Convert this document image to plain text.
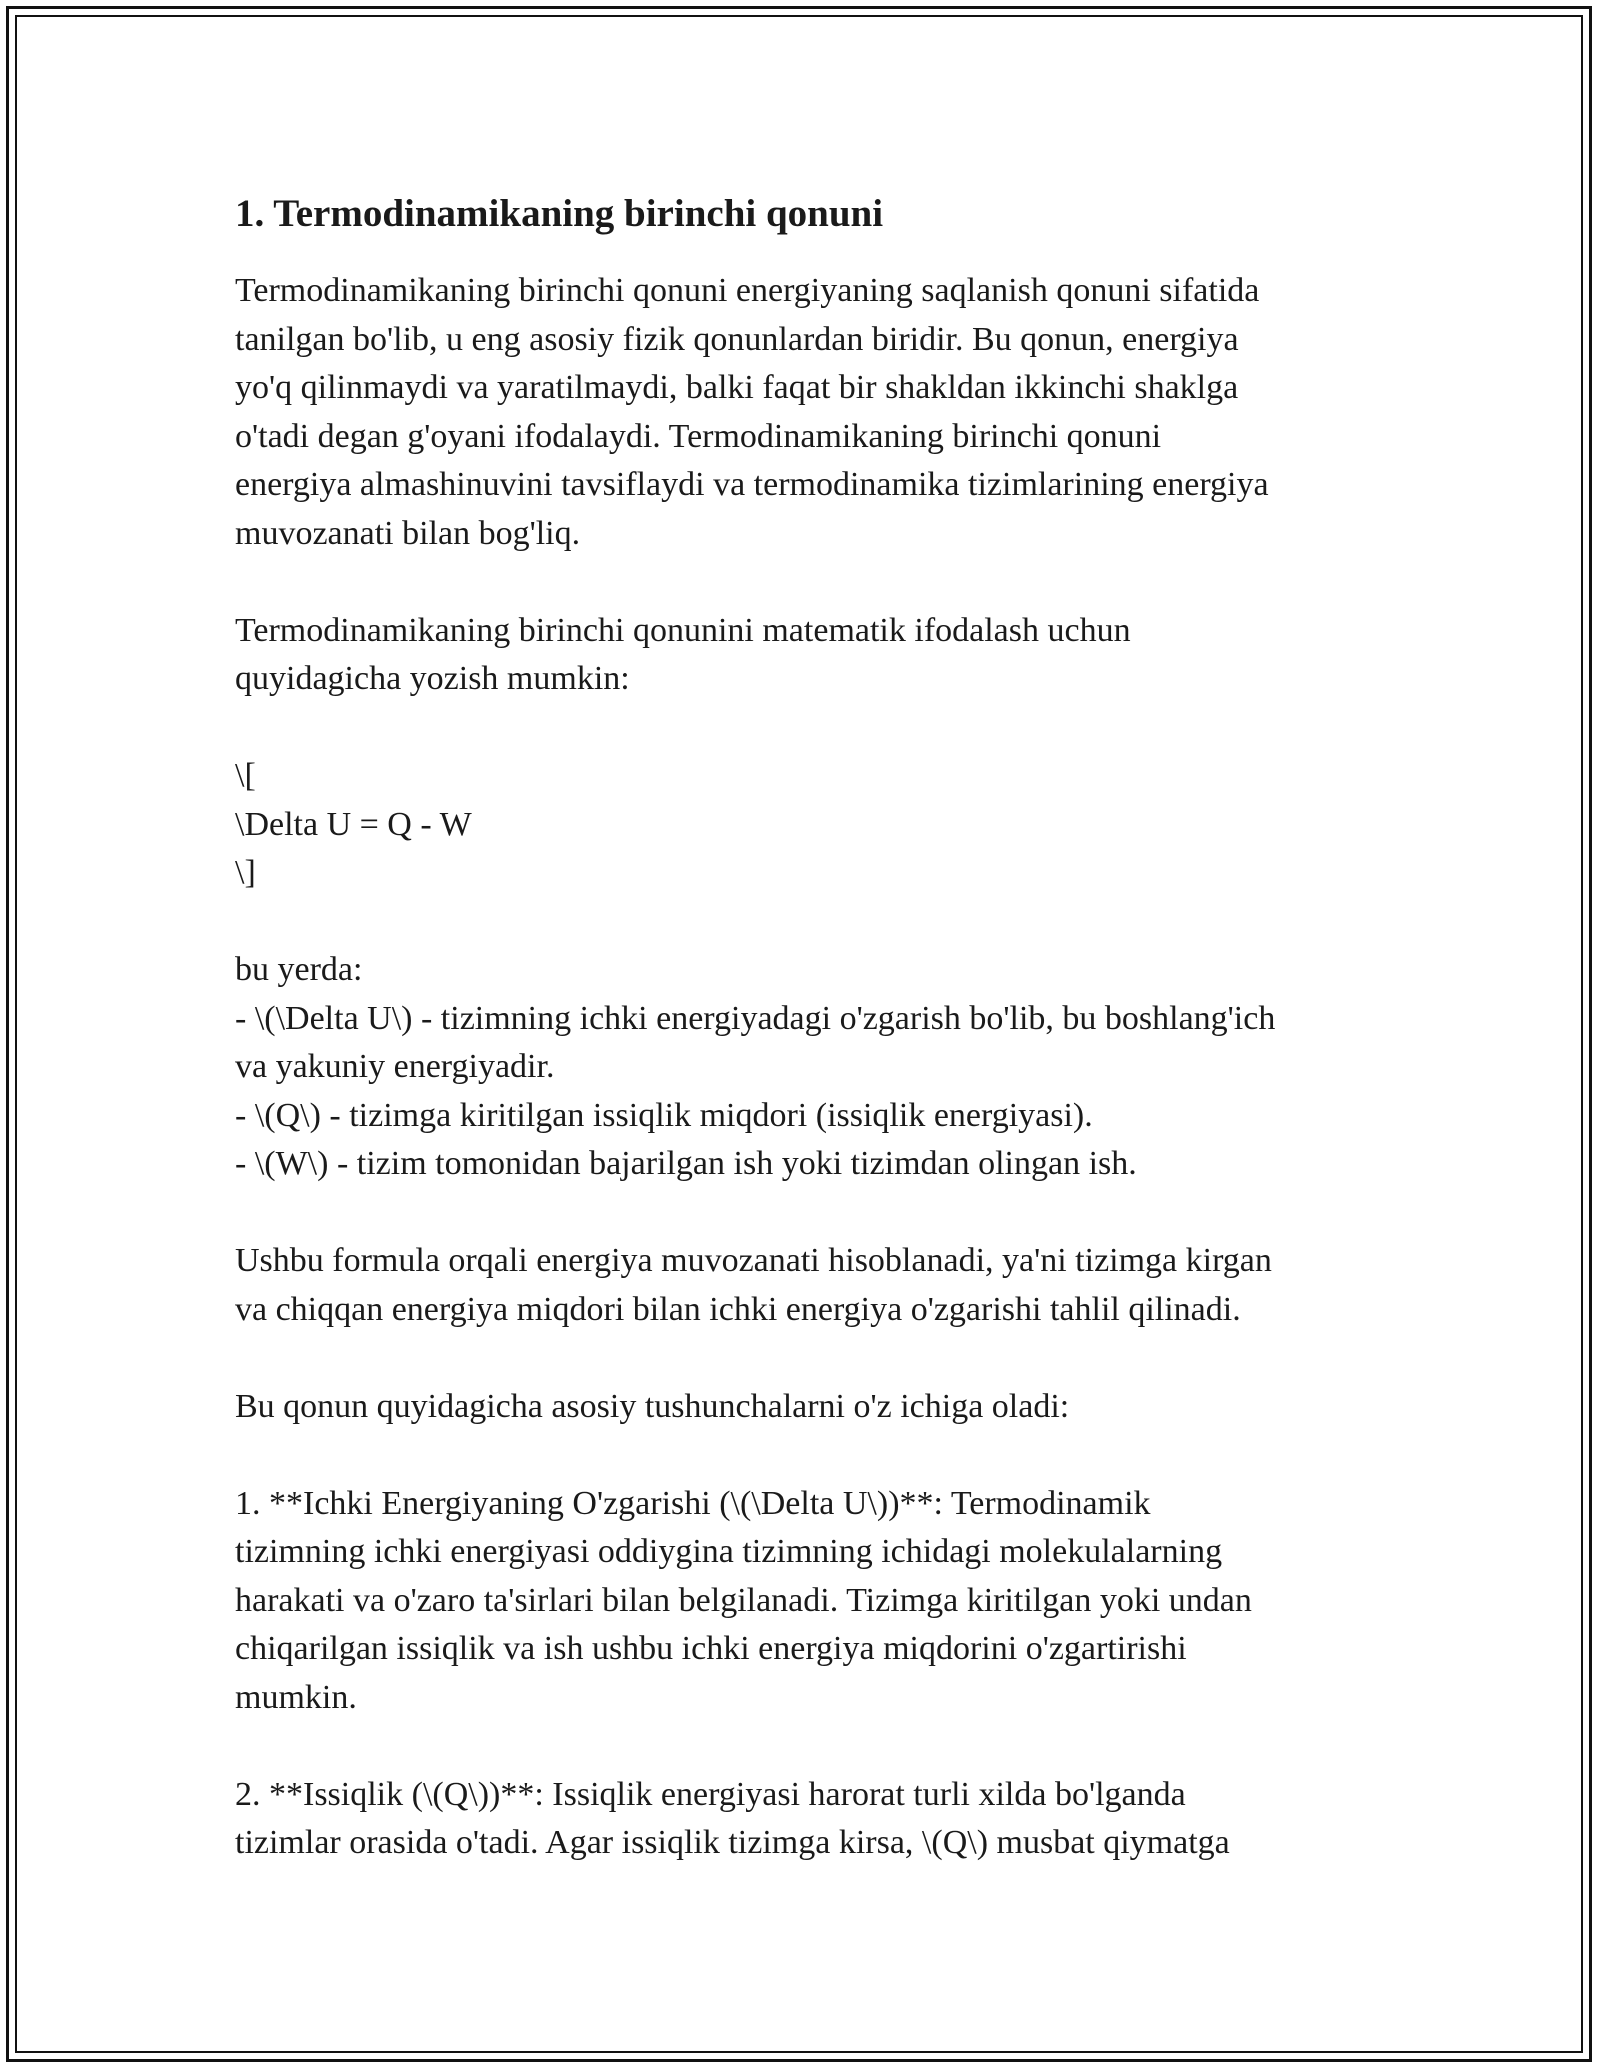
1. Termodinamikaning birinchi qonuni

Termodinamikaning birinchi qonuni energiyaning saqlanish qonuni sifatida
tanilgan bo'lib, u eng asosiy fizik qonunlardan biridir. Bu qonun, energiya
yo'q qilinmaydi va yaratilmaydi, balki faqat bir shakldan ikkinchi shaklga
o'tadi degan g'oyani ifodalaydi. Termodinamikaning birinchi qonuni
energiya almashinuvini tavsiflaydi va termodinamika tizimlarining energiya
muvozanati bilan bog'liq.

Termodinamikaning birinchi qonunini matematik ifodalash uchun
quyidagicha yozish mumkin:

\[
\Delta U = Q - W
\]

bu yerda:
- \(\Delta U\) - tizimning ichki energiyadagi o'zgarish bo'lib, bu boshlang'ich
va yakuniy energiyadir.
- \(Q\) - tizimga kiritilgan issiqlik miqdori (issiqlik energiyasi).
- \(W\) - tizim tomonidan bajarilgan ish yoki tizimdan olingan ish.

Ushbu formula orqali energiya muvozanati hisoblanadi, ya'ni tizimga kirgan
va chiqqan energiya miqdori bilan ichki energiya o'zgarishi tahlil qilinadi.

Bu qonun quyidagicha asosiy tushunchalarni o'z ichiga oladi:

1. **Ichki Energiyaning O'zgarishi (\(\Delta U\))**: Termodinamik
tizimning ichki energiyasi oddiygina tizimning ichidagi molekulalarning
harakati va o'zaro ta'sirlari bilan belgilanadi. Tizimga kiritilgan yoki undan
chiqarilgan issiqlik va ish ushbu ichki energiya miqdorini o'zgartirishi
mumkin.

2. **Issiqlik (\(Q\))**: Issiqlik energiyasi harorat turli xilda bo'lganda
tizimlar orasida o'tadi. Agar issiqlik tizimga kirsa, \(Q\) musbat qiymatga
